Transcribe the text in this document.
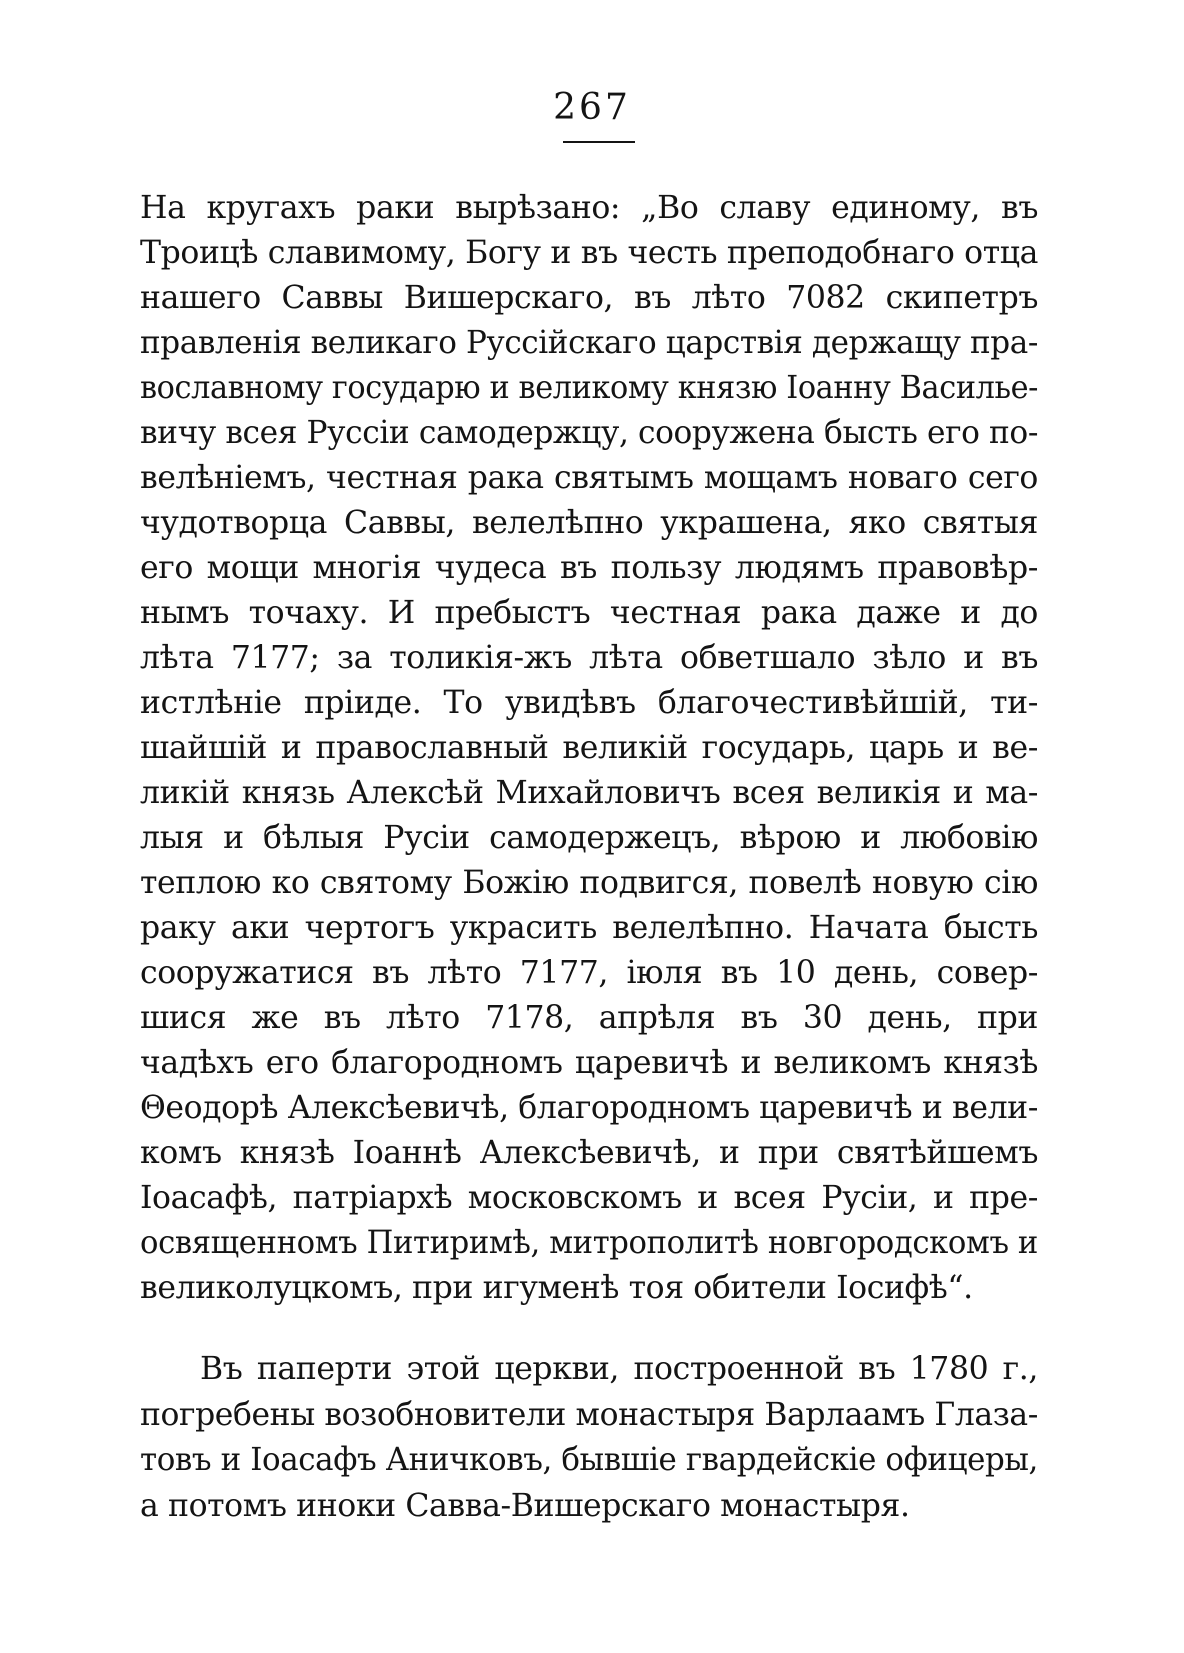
267
На кругахъ раки вырѣзано: „Во славу единому, въ
Троицѣ славимому, Богу и въ честь преподобнаго отца
нашего Саввы Вишерскаго, въ лѣто 7082 скипетръ
правленія великаго Руссійскаго царствія держащу пра-
вославному государю и великому князю Іоанну Василье-
вичу всея Руссіи самодержцу, сооружена бысть его по-
велѣніемъ, честная рака святымъ мощамъ новаго сего
чудотворца Саввы, велелѣпно украшена, яко святыя
его мощи многія чудеса въ пользу людямъ правовѣр-
нымъ точаху. И пребыстъ честная рака даже и до
лѣта 7177; за толикія-жъ лѣта обветшало зѣло и въ
истлѣніе пріиде. То увидѣвъ благочестивѣйшій, ти-
шайшій и православный великій государь, царь и ве-
ликій князь Алексѣй Михайловичъ всея великія и ма-
лыя и бѣлыя Русіи самодержецъ, вѣрою и любовію
теплою ко святому Божію подвигся, повелѣ новую сію
раку аки чертогъ украсить велелѣпно. Начата бысть
сооружатися въ лѣто 7177, іюля въ 10 день, совер-
шися же въ лѣто 7178, апрѣля въ 30 день, при
чадѣхъ его благородномъ царевичѣ и великомъ князѣ
Θеодорѣ Алексѣевичѣ, благородномъ царевичѣ и вели-
комъ князѣ Іоаннѣ Алексѣевичѣ, и при святѣйшемъ
Іоасафѣ, патріархѣ московскомъ и всея Русіи, и пре-
освященномъ Питиримѣ, митрополитѣ новгородскомъ и
великолуцкомъ, при игуменѣ тоя обители Іосифѣ“.
Въ паперти этой церкви, построенной въ 1780 г.,
погребены возобновители монастыря Варлаамъ Глаза-
товъ и Іоасафъ Аничковъ, бывшіе гвардейскіе офицеры,
а потомъ иноки Савва-Вишерскаго монастыря.
